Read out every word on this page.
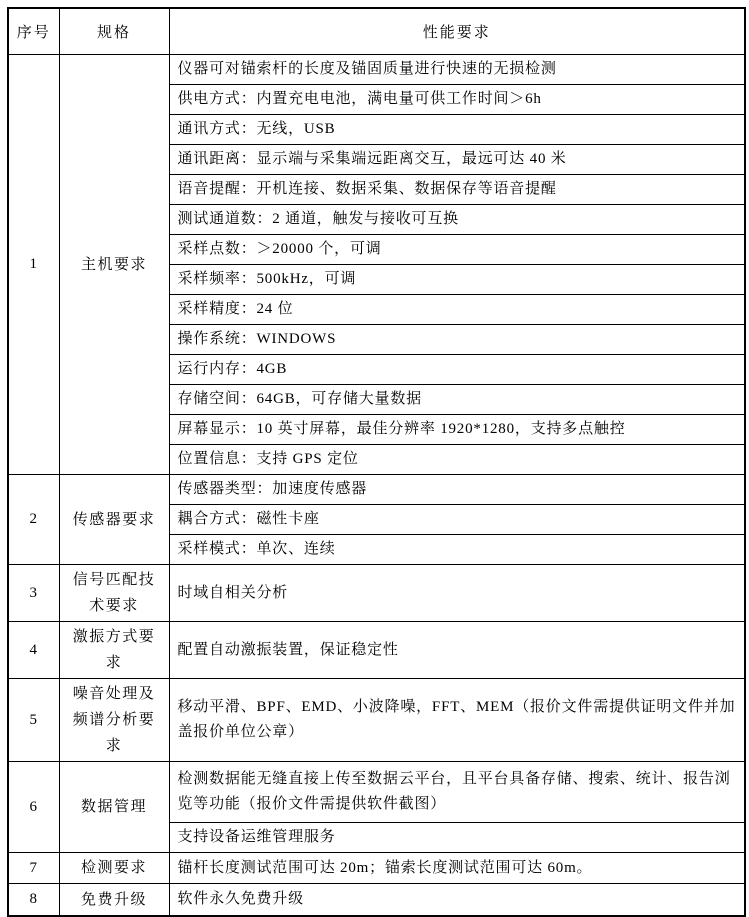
序号	规格	性能要求
1	主机要求	仪器可对锚索杆的长度及锚固质量进行快速的无损检测
		供电方式：内置充电电池，满电量可供工作时间＞6h
		通讯方式：无线，USB
		通讯距离：显示端与采集端远距离交互，最远可达 40 米
		语音提醒：开机连接、数据采集、数据保存等语音提醒
		测试通道数：2 通道，触发与接收可互换
		采样点数：＞20000 个，可调
		采样频率：500kHz，可调
		采样精度：24 位
		操作系统：WINDOWS
		运行内存：4GB
		存储空间：64GB，可存储大量数据
		屏幕显示：10 英寸屏幕，最佳分辨率 1920*1280，支持多点触控
		位置信息：支持 GPS 定位
2	传感器要求	传感器类型：加速度传感器
		耦合方式：磁性卡座
		采样模式：单次、连续
3	信号匹配技术要求	时域自相关分析
4	激振方式要求	配置自动激振装置，保证稳定性
5	噪音处理及频谱分析要求	移动平滑、BPF、EMD、小波降噪，FFT、MEM（报价文件需提供证明文件并加盖报价单位公章）
6	数据管理	检测数据能无缝直接上传至数据云平台，且平台具备存储、搜索、统计、报告浏览等功能（报价文件需提供软件截图）
		支持设备运维管理服务
7	检测要求	锚杆长度测试范围可达 20m；锚索长度测试范围可达 60m。
8	免费升级	软件永久免费升级
